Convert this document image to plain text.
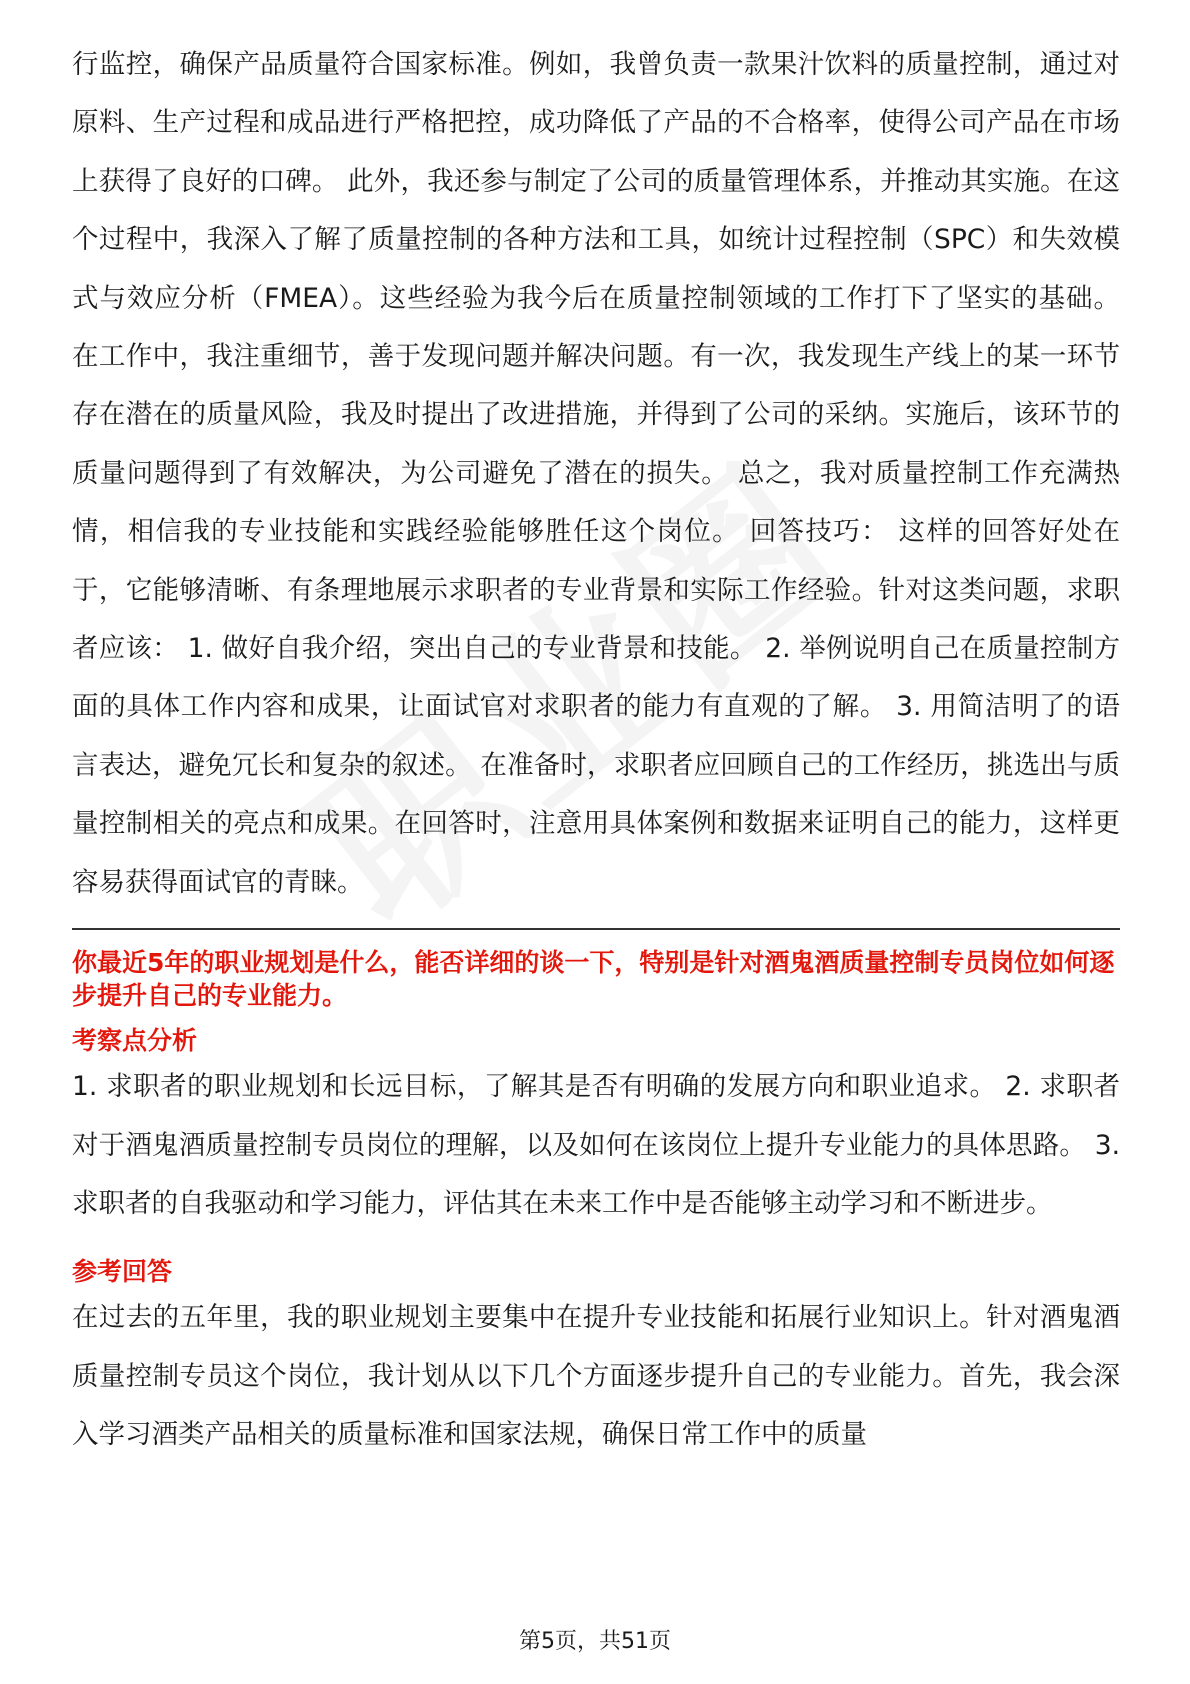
行监控，确保产品质量符合国家标准。例如，我曾负责一款果汁饮料的质量控制，通过对原料、生产过程和成品进行严格把控，成功降低了产品的不合格率，使得公司产品在市场上获得了良好的口碑。 此外，我还参与制定了公司的质量管理体系，并推动其实施。在这个过程中，我深入了解了质量控制的各种方法和工具，如统计过程控制（SPC）和失效模式与效应分析（FMEA）。这些经验为我今后在质量控制领域的工作打下了坚实的基础。 在工作中，我注重细节，善于发现问题并解决问题。有一次，我发现生产线上的某一环节存在潜在的质量风险，我及时提出了改进措施，并得到了公司的采纳。实施后，该环节的质量问题得到了有效解决，为公司避免了潜在的损失。 总之，我对质量控制工作充满热情，相信我的专业技能和实践经验能够胜任这个岗位。 回答技巧： 这样的回答好处在于，它能够清晰、有条理地展示求职者的专业背景和实际工作经验。针对这类问题，求职者应该： 1. 做好自我介绍，突出自己的专业背景和技能。 2. 举例说明自己在质量控制方面的具体工作内容和成果，让面试官对求职者的能力有直观的了解。 3. 用简洁明了的语言表达，避免冗长和复杂的叙述。 在准备时，求职者应回顾自己的工作经历，挑选出与质量控制相关的亮点和成果。在回答时，注意用具体案例和数据来证明自己的能力，这样更容易获得面试官的青睐。

你最近5年的职业规划是什么，能否详细的谈一下，特别是针对酒鬼酒质量控制专员岗位如何逐步提升自己的专业能力。

考察点分析

1. 求职者的职业规划和长远目标，了解其是否有明确的发展方向和职业追求。 2. 求职者对于酒鬼酒质量控制专员岗位的理解，以及如何在该岗位上提升专业能力的具体思路。 3. 求职者的自我驱动和学习能力，评估其在未来工作中是否能够主动学习和不断进步。

参考回答

在过去的五年里，我的职业规划主要集中在提升专业技能和拓展行业知识上。针对酒鬼酒质量控制专员这个岗位，我计划从以下几个方面逐步提升自己的专业能力。首先，我会深入学习酒类产品相关的质量标准和国家法规，确保日常工作中的质量

第5页，共51页
